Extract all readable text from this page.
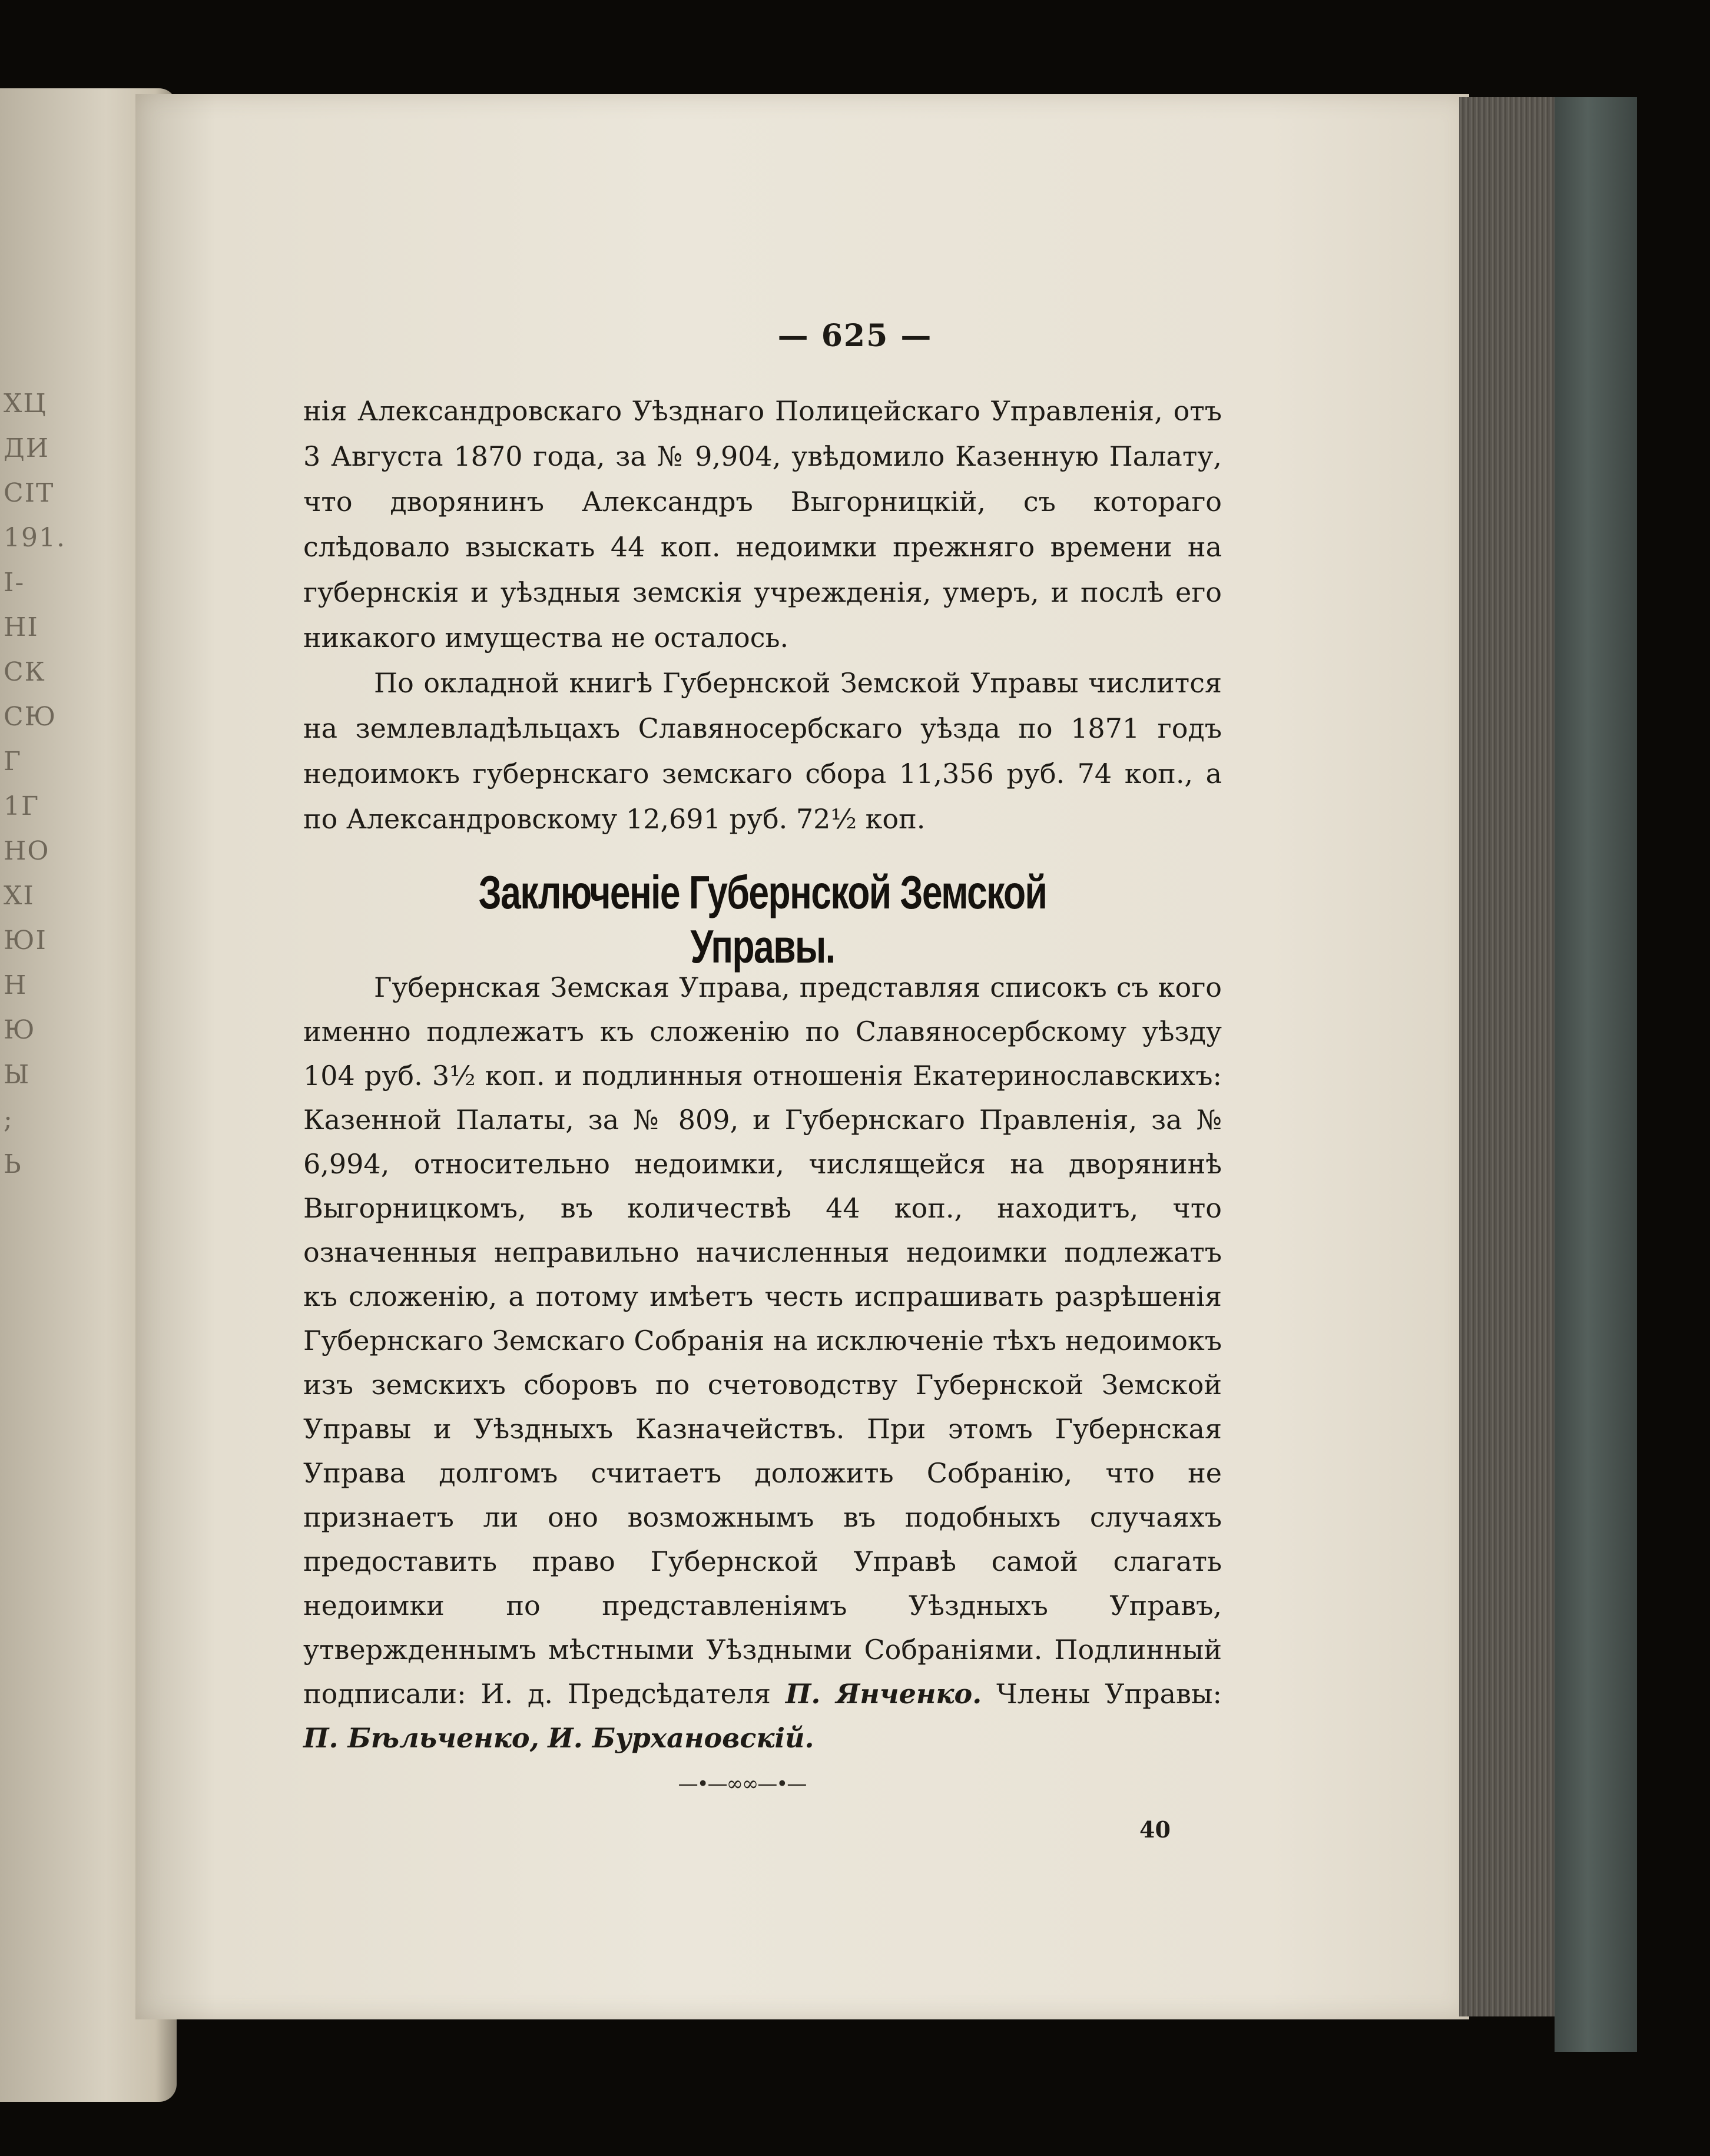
ХЦ
ДИ
СІТ
191.
І-
НІ
СК
СЮ
Г
1Г
НО
ХІ
ЮІ
Н
Ю
Ы
;
Ь
— 625 —

нія Александровскаго Уѣзднаго Полицейскаго Управленія, отъ 3 Августа 1870 года, за № 9,904, увѣдомило Казенную Палату, что дворянинъ Александръ Выгорницкій, съ котораго слѣдовало взыскать 44 коп. недоимки прежняго времени на губернскія и уѣздныя земскія учрежденія, умеръ, и послѣ его никакого имущества не осталось.

По окладной книгѣ Губернской Земской Управы числится на землевладѣльцахъ Славяносербскаго уѣзда по 1871 годъ недоимокъ губернскаго земскаго сбора 11,356 руб. 74 коп., а по Александровскому 12,691 руб. 72½ коп.

Заключеніе Губернской Земской Управы.

Губернская Земская Управа, представляя списокъ съ кого именно подлежатъ къ сложенію по Славяносербскому уѣзду 104 руб. 3½ коп. и подлинныя отношенія Екатеринославскихъ: Казенной Палаты, за № 809, и Губернскаго Правленія, за № 6,994, относительно недоимки, числящейся на дворянинѣ Выгорницкомъ, въ количествѣ 44 коп., находитъ, что означенныя неправильно начисленныя недоимки подлежатъ къ сложенію, а потому имѣетъ честь испрашивать разрѣшенія Губернскаго Земскаго Собранія на исключеніе тѣхъ недоимокъ изъ земскихъ сборовъ по счетоводству Губернской Земской Управы и Уѣздныхъ Казначействъ. При этомъ Губернская Управа долгомъ считаетъ доложить Собранію, что не признаетъ ли оно возможнымъ въ подобныхъ случаяхъ предоставить право Губернской Управѣ самой слагать недоимки по представленіямъ Уѣздныхъ Управъ, утвержденнымъ мѣстными Уѣздными Собраніями. Подлинный подписали: И. д. Предсѣдателя П. Янченко. Члены Управы: П. Бѣльченко, И. Бурхановскій.

—•—∞∞—•—
40
